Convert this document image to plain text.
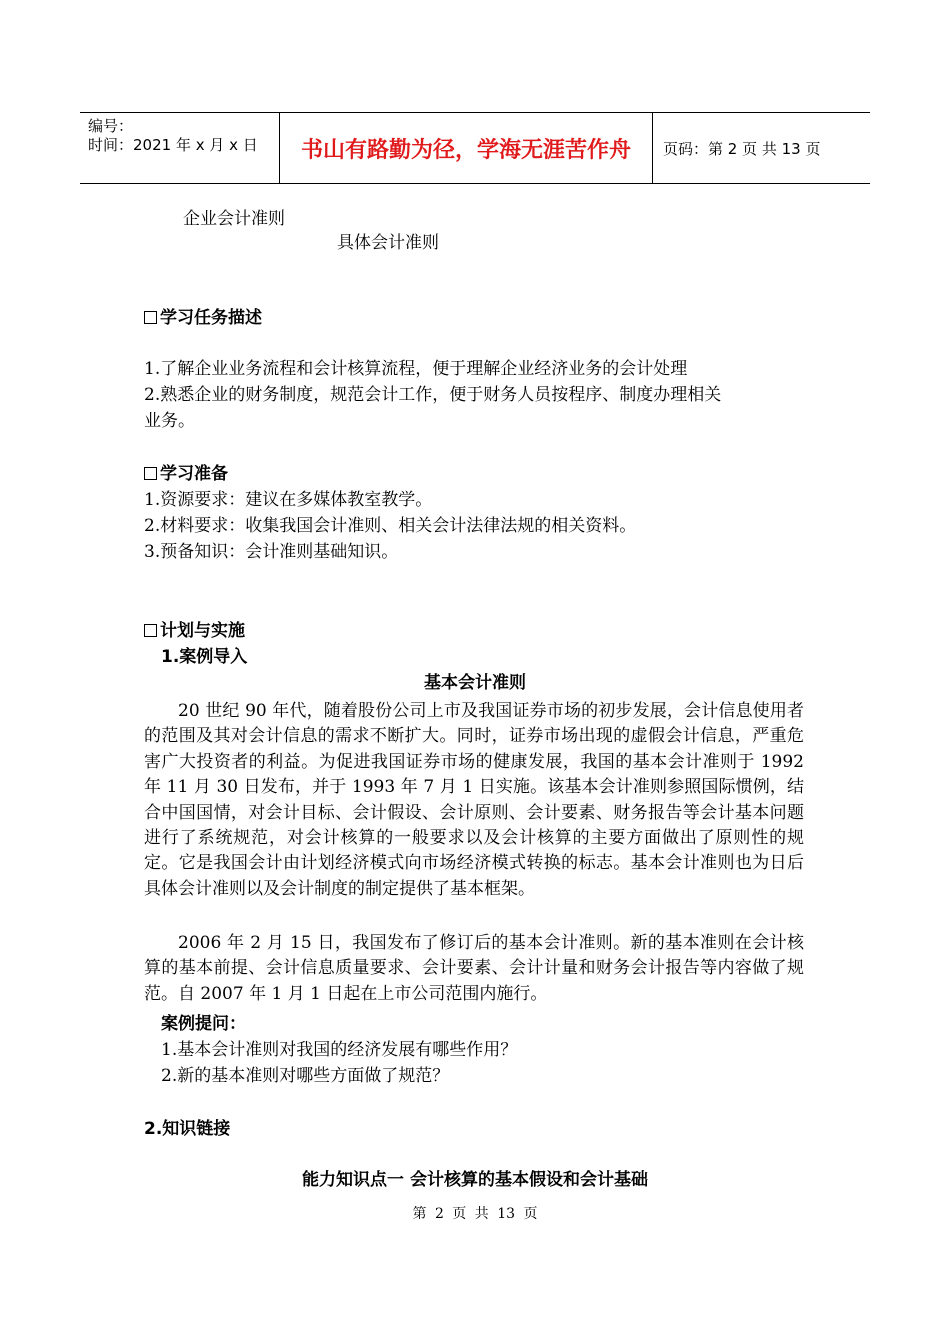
编号：
时间：2021 年 x 月 x 日	书山有路勤为径，学海无涯苦作舟	页码：第 2 页 共 13 页
企业会计准则
具体会计准则
学习任务描述
1.了解企业业务流程和会计核算流程，便于理解企业经济业务的会计处理
2.熟悉企业的财务制度，规范会计工作，便于财务人员按程序、制度办理相关
业务。
学习准备
1.资源要求：建议在多媒体教室教学。
2.材料要求：收集我国会计准则、相关会计法律法规的相关资料。
3.预备知识：会计准则基础知识。
计划与实施
1.案例导入
基本会计准则

20 世纪 90 年代，随着股份公司上市及我国证券市场的初步发展，会计信息使用者的范围及其对会计信息的需求不断扩大。同时，证券市场出现的虚假会计信息，严重危害广大投资者的利益。为促进我国证券市场的健康发展，我国的基本会计准则于 1992 年 11 月 30 日发布，并于 1993 年 7 月 1 日实施。该基本会计准则参照国际惯例，结合中国国情，对会计目标、会计假设、会计原则、会计要素、财务报告等会计基本问题进行了系统规范，对会计核算的一般要求以及会计核算的主要方面做出了原则性的规定。它是我国会计由计划经济模式向市场经济模式转换的标志。基本会计准则也为日后具体会计准则以及会计制度的制定提供了基本框架。

2006 年 2 月 15 日，我国发布了修订后的基本会计准则。新的基本准则在会计核算的基本前提、会计信息质量要求、会计要素、会计计量和财务会计报告等内容做了规范。自 2007 年 1 月 1 日起在上市公司范围内施行。

案例提问：
1.基本会计准则对我国的经济发展有哪些作用？
2.新的基本准则对哪些方面做了规范？
2.知识链接
能力知识点一 会计核算的基本假设和会计基础
第 2 页 共 13 页
